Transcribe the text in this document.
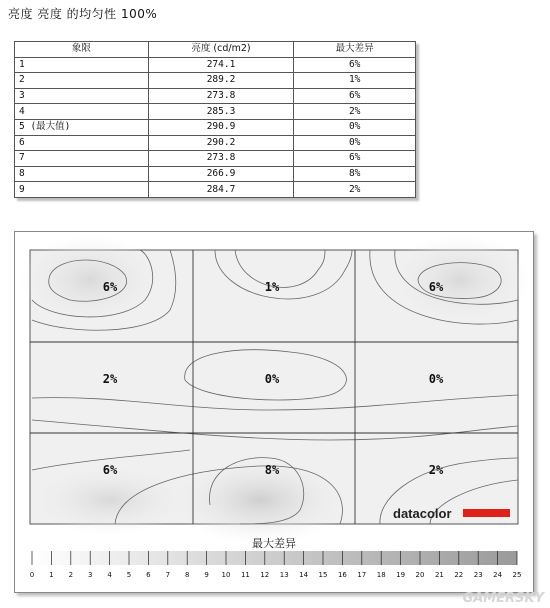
亮度 亮度 的均匀性 100%
象限	亮度 (cd/m2)	最大差异
1	274.1	6%
2	289.2	1%
3	273.8	6%
4	285.3	2%
5 (最大值)	290.9	0%
6	290.2	0%
7	273.8	6%
8	266.9	8%
9	284.7	2%
6%	1%	6%
2%	0%	0%
6%	8%	2%
datacolor
最大差异
0 1 2 3 4 5 6 7 8 9 10 11 12 13 14 15 16 17 18 19 20 21 22 23 24 25
GAMERSKY
